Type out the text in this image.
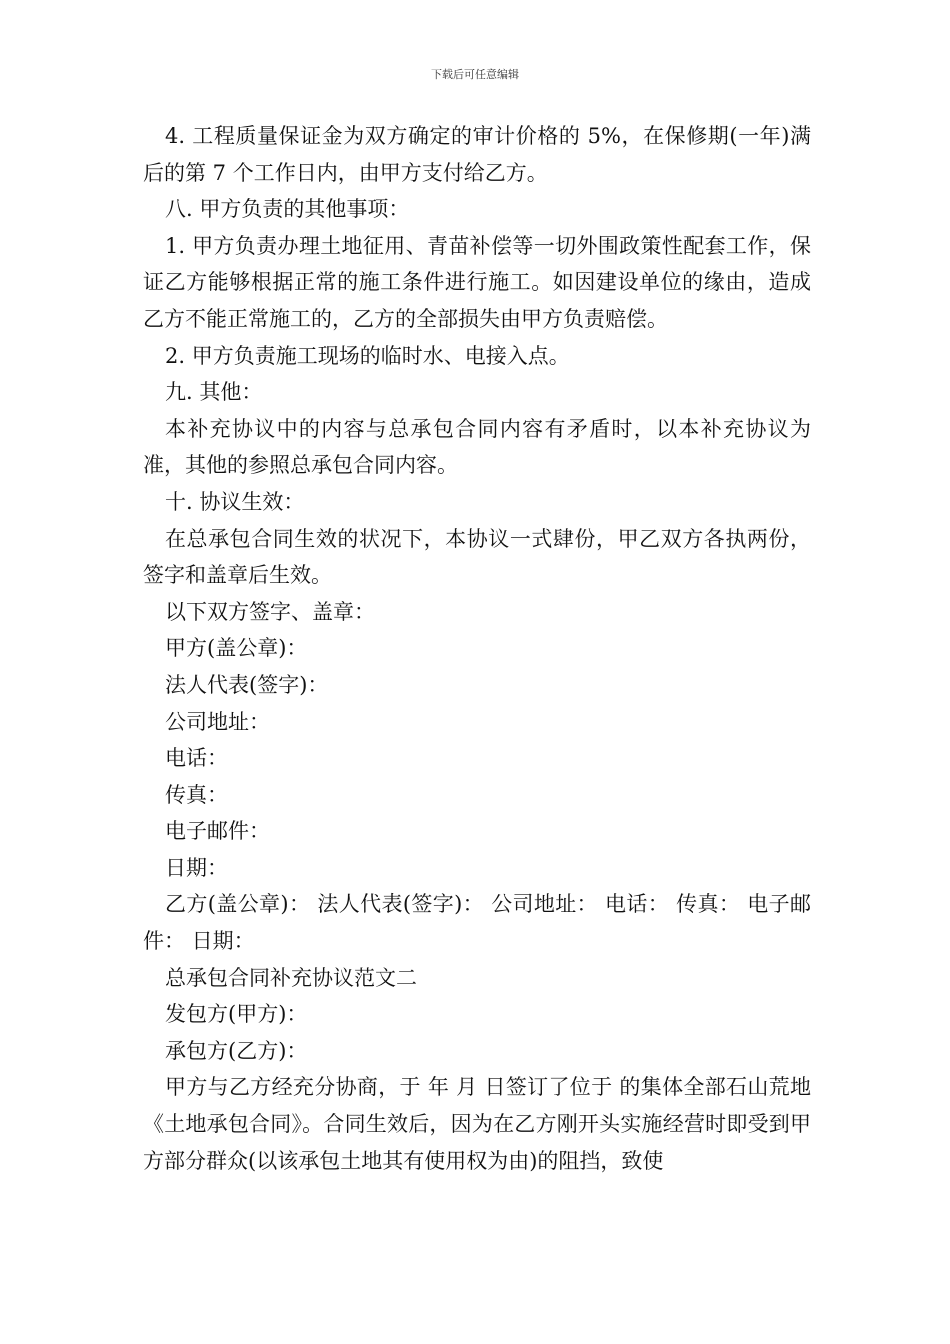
下载后可任意编辑

4. 工程质量保证金为双方确定的审计价格的 5%，在保修期(一年)满后的第 7 个工作日内，由甲方支付给乙方。

八. 甲方负责的其他事项：

1. 甲方负责办理土地征用、青苗补偿等一切外围政策性配套工作，保证乙方能够根据正常的施工条件进行施工。如因建设单位的缘由，造成乙方不能正常施工的，乙方的全部损失由甲方负责赔偿。

2. 甲方负责施工现场的临时水、电接入点。

九. 其他：

本补充协议中的内容与总承包合同内容有矛盾时，以本补充协议为准，其他的参照总承包合同内容。

十. 协议生效：

在总承包合同生效的状况下，本协议一式肆份，甲乙双方各执两份，签字和盖章后生效。

以下双方签字、盖章：

甲方(盖公章)：

法人代表(签字)：

公司地址：

电话：

传真：

电子邮件：

日期：

乙方(盖公章)： 法人代表(签字)： 公司地址： 电话： 传真： 电子邮件： 日期：

总承包合同补充协议范文二

发包方(甲方)：

承包方(乙方)：

甲方与乙方经充分协商，于 年 月 日签订了位于 的集体全部石山荒地《土地承包合同》。合同生效后，因为在乙方刚开头实施经营时即受到甲方部分群众(以该承包土地其有使用权为由)的阻挡，致使
